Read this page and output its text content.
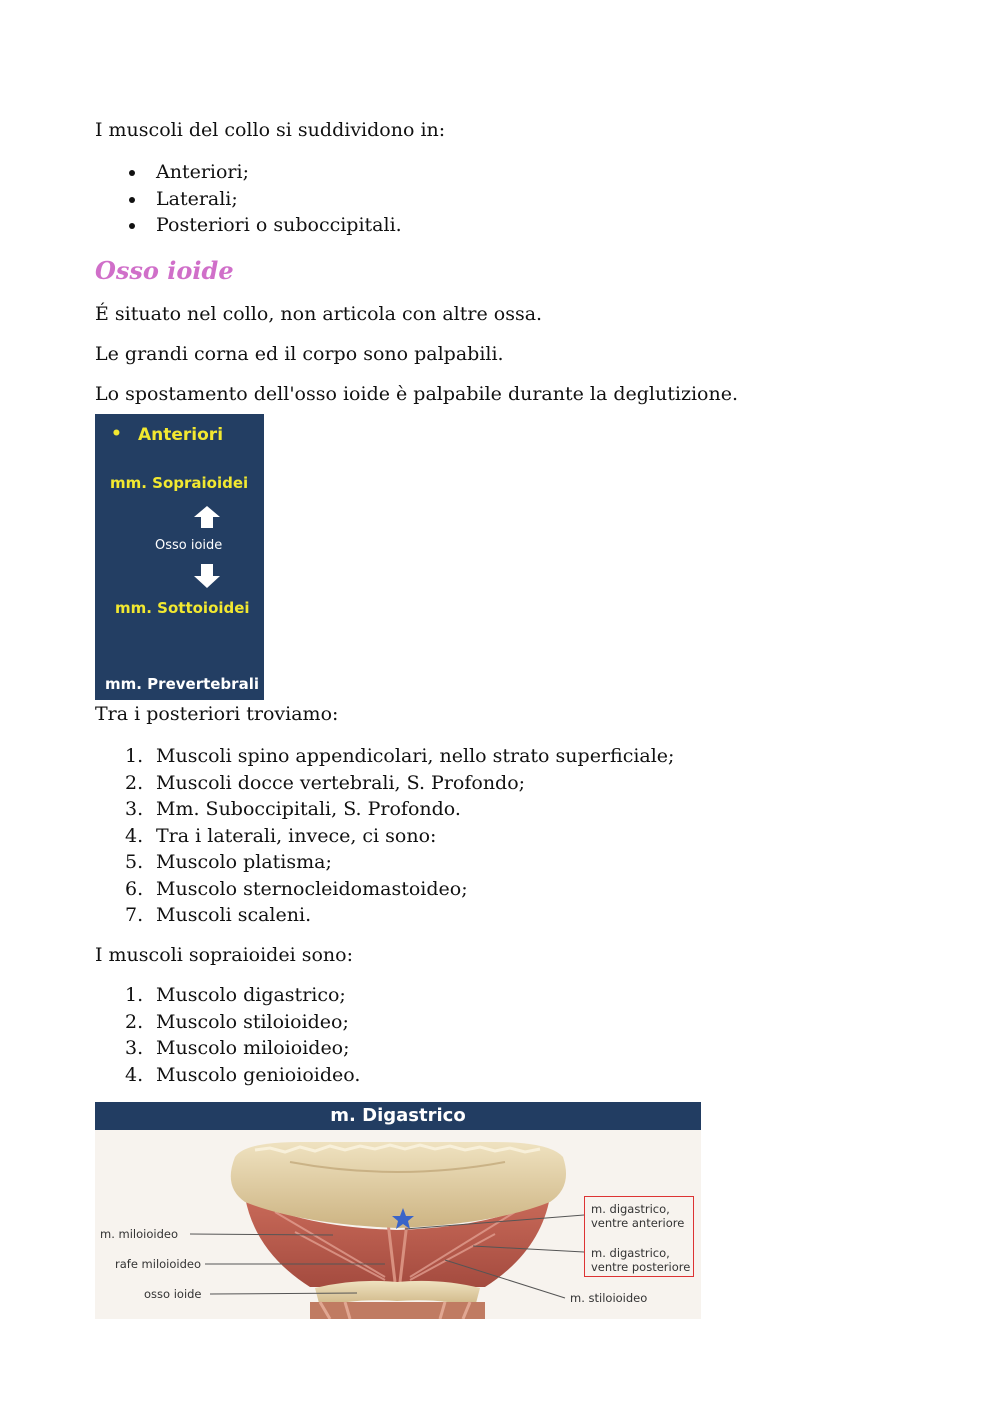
I muscoli del collo si suddividono in:

Anteriori;
Laterali;
Posteriori o suboccipitali.
Osso ioide

É situato nel collo, non articola con altre ossa.

Le grandi corna ed il corpo sono palpabili.

Lo spostamento dell'osso ioide è palpabile durante la deglutizione.

• Anteriori
mm. Sopraioidei
Osso ioide
mm. Sottoioidei
mm. Prevertebrali

Tra i posteriori troviamo:

1. Muscoli spino appendicolari, nello strato superficiale;
2. Muscoli docce vertebrali, S. Profondo;
3. Mm. Suboccipitali, S. Profondo.
4. Tra i laterali, invece, ci sono:
5. Muscolo platisma;
6. Muscolo sternocleidomastoideo;
7. Muscoli scaleni.

I muscoli sopraioidei sono:

1. Muscolo digastrico;
2. Muscolo stiloioideo;
3. Muscolo miloioideo;
4. Muscolo genioioideo.
m. Digastrico
m. miloioideo
rafe miloioideo
osso ioide
m. digastrico,
ventre anteriore
m. digastrico,
ventre posteriore
m. stiloioideo
